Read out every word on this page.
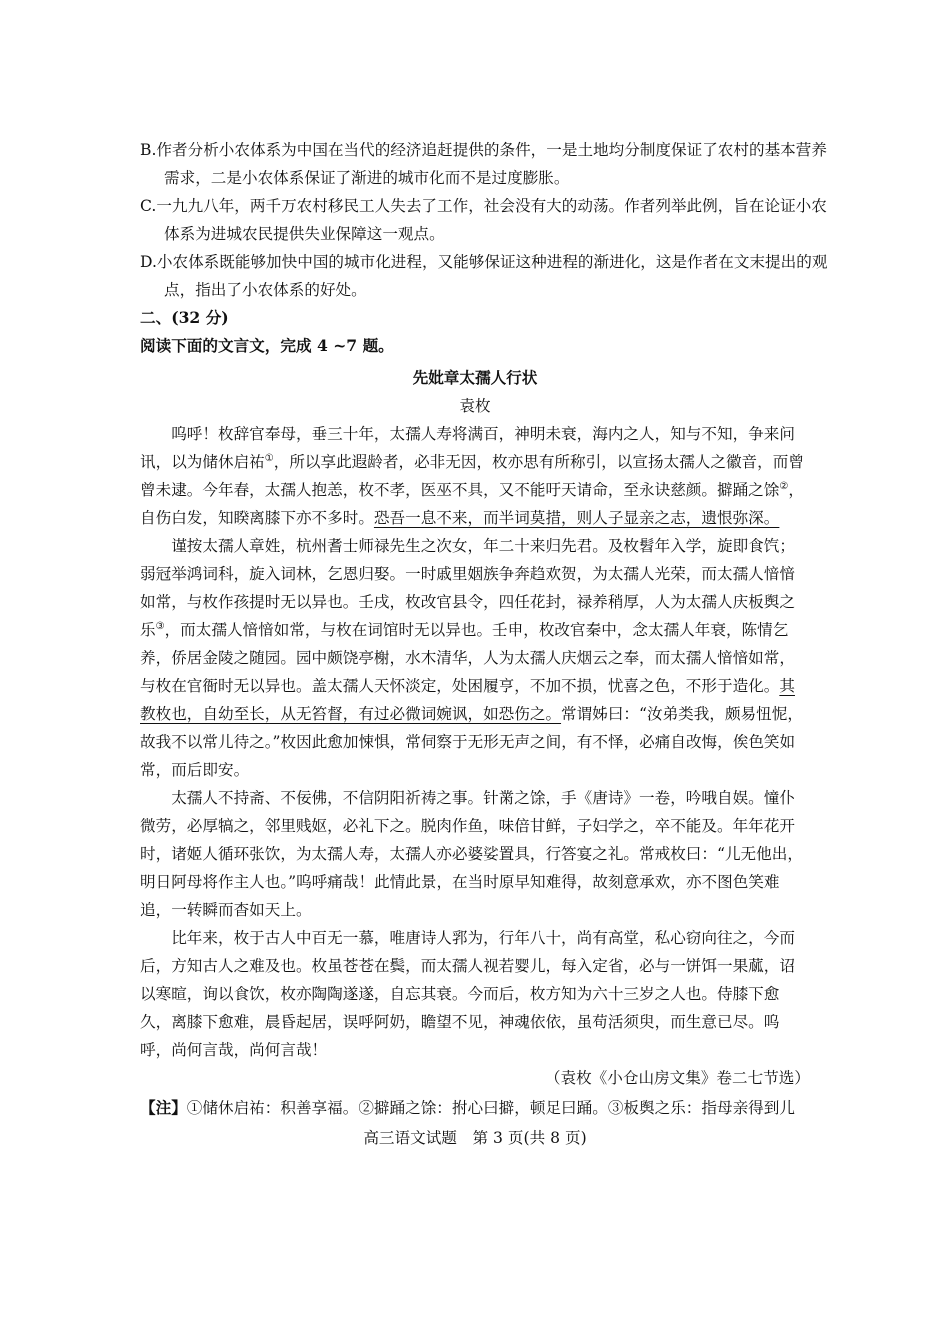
B.作者分析小农体系为中国在当代的经济追赶提供的条件，一是土地均分制度保证了农村的基本营养需求，二是小农体系保证了渐进的城市化而不是过度膨胀。

C.一九九八年，两千万农村移民工人失去了工作，社会没有大的动荡。作者列举此例，旨在论证小农体系为进城农民提供失业保障这一观点。

D.小农体系既能够加快中国的城市化进程，又能够保证这种进程的渐进化，这是作者在文末提出的观点，指出了小农体系的好处。

二、(32 分)
阅读下面的文言文，完成 4 ~7 题。
先妣章太孺人行状
袁枚

呜呼！枚辞官奉母，垂三十年，太孺人寿将满百，神明未衰，海内之人，知与不知，争来问讯，以为储休启祐①，所以享此遐龄者，必非无因，枚亦思有所称引，以宣扬太孺人之徽音，而曾曾未逮。今年春，太孺人抱恙，枚不孝，医巫不具，又不能吁天请命，至永诀慈颜。擗踊之馀②，自伤白发，知睽离膝下亦不多时。恐吾一息不来，而半词莫措，则人子显亲之志，遗恨弥深。

谨按太孺人章姓，杭州耆士师禄先生之次女，年二十来归先君。及枚髫年入学，旋即食饩；弱冠举鸿词科，旋入词林，乞恩归娶。一时戚里姻族争奔趋欢贺，为太孺人光荣，而太孺人愔愔如常，与枚作孩提时无以异也。壬戌，枚改官县令，四任花封，禄养稍厚，人为太孺人庆板舆之乐③，而太孺人愔愔如常，与枚在词馆时无以异也。壬申，枚改官秦中，念太孺人年衰，陈情乞养，侨居金陵之随园。园中颇饶亭榭，水木清华，人为太孺人庆烟云之奉，而太孺人愔愔如常，与枚在官衙时无以异也。盖太孺人天怀淡定，处困履亨，不加不损，忧喜之色，不形于造化。其教枚也，自幼至长，从无笞督，有过必微词婉讽，如恐伤之。常谓姊曰：“汝弟类我，颇易忸怩，故我不以常儿待之。”枚因此愈加悚惧，常伺察于无形无声之间，有不怿，必痛自改悔，俟色笑如常，而后即安。

太孺人不持斋、不佞佛，不信阴阳祈祷之事。针黹之馀，手《唐诗》一卷，吟哦自娱。憧仆微劳，必厚犒之，邻里贱妪，必礼下之。脱肉作鱼，味倍甘鲜，子妇学之，卒不能及。年年花开时，诸姬人循环张饮，为太孺人寿，太孺人亦必婆娑置具，行答宴之礼。常戒枚曰：“儿无他出，明日阿母将作主人也。”呜呼痛哉！此情此景，在当时原早知难得，故刻意承欢，亦不图色笑难追，一转瞬而杳如天上。

比年来，枚于古人中百无一慕，唯唐诗人郛为，行年八十，尚有高堂，私心窃向往之，今而后，方知古人之难及也。枚虽苍苍在鬓，而太孺人视若婴儿，每入定省，必与一饼饵一果蓏，诏以寒暄，询以食饮，枚亦陶陶遂遂，自忘其衰。今而后，枚方知为六十三岁之人也。侍膝下愈久，离膝下愈难，晨昏起居，误呼阿奶，瞻望不见，神魂依依，虽苟活须臾，而生意已尽。呜呼，尚何言哉，尚何言哉！

（袁枚《小仓山房文集》卷二七节选）
【注】①储休启祐：积善享福。②擗踊之馀：拊心曰擗，顿足曰踊。③板舆之乐：指母亲得到儿
高三语文试题　第 3 页(共 8 页)
